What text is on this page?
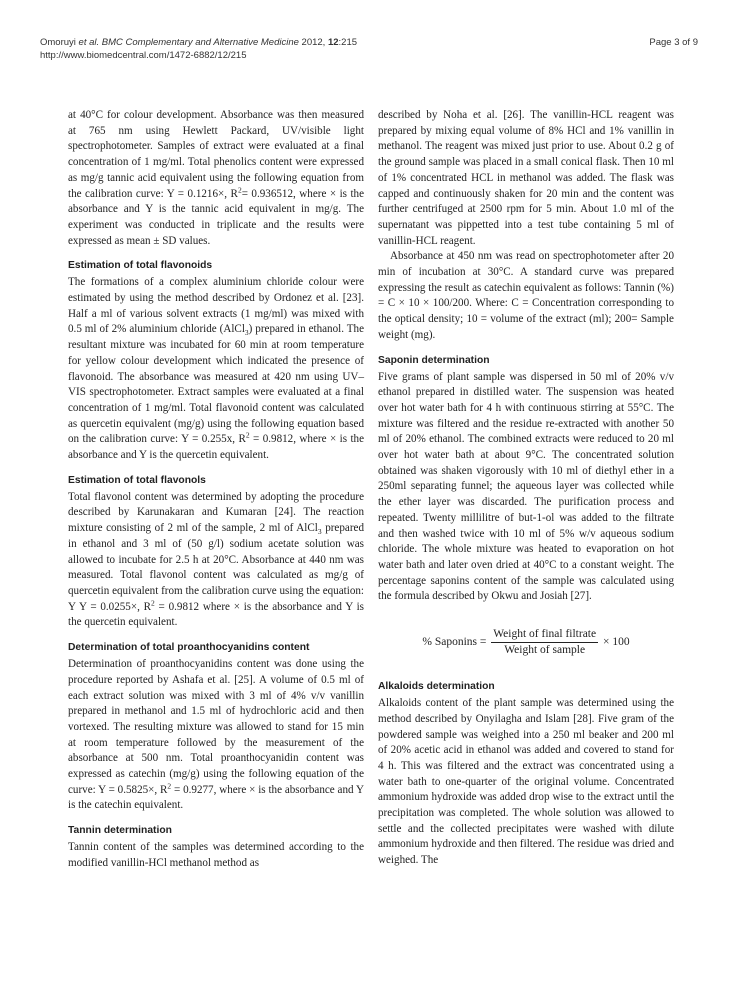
Omoruyi et al. BMC Complementary and Alternative Medicine 2012, 12:215
http://www.biomedcentral.com/1472-6882/12/215
Page 3 of 9

at 40°C for colour development. Absorbance was then measured at 765 nm using Hewlett Packard, UV/visible light spectrophotometer. Samples of extract were evaluated at a final concentration of 1 mg/ml. Total phenolics content were expressed as mg/g tannic acid equivalent using the following equation from the calibration curve: Y = 0.1216×, $R^2= 0.936512$, where × is the absorbance and Y is the tannic acid equivalent in mg/g. The experiment was conducted in triplicate and the results were expressed as mean ± SD values.

Estimation of total flavonoids

The formations of a complex aluminium chloride colour were estimated by using the method described by Ordonez et al. [23]. Half a ml of various solvent extracts (1 mg/ml) was mixed with 0.5 ml of 2% aluminium chloride (AlCl$_3$) prepared in ethanol. The resultant mixture was incubated for 60 min at room temperature for yellow colour development which indicated the presence of flavonoid. The absorbance was measured at 420 nm using UV–VIS spectrophotometer. Extract samples were evaluated at a final concentration of 1 mg/ml. Total flavonoid content was calculated as quercetin equivalent (mg/g) using the following equation based on the calibration curve: Y = 0.255x, $R^2 = 0.9812$, where × is the absorbance and Y is the quercetin equivalent.

Estimation of total flavonols

Total flavonol content was determined by adopting the procedure described by Karunakaran and Kumaran [24]. The reaction mixture consisting of 2 ml of the sample, 2 ml of AlCl$_3$ prepared in ethanol and 3 ml of (50 g/l) sodium acetate solution was allowed to incubate for 2.5 h at 20°C. Absorbance at 440 nm was measured. Total flavonol content was calculated as mg/g of quercetin equivalent from the calibration curve using the equation: Y Y = 0.0255×, $R^2 = 0.9812$ where × is the absorbance and Y is the quercetin equivalent.

Determination of total proanthocyanidins content

Determination of proanthocyanidins content was done using the procedure reported by Ashafa et al. [25]. A volume of 0.5 ml of each extract solution was mixed with 3 ml of 4% v/v vanillin prepared in methanol and 1.5 ml of hydrochloric acid and then vortexed. The resulting mixture was allowed to stand for 15 min at room temperature followed by the measurement of the absorbance at 500 nm. Total proanthocyanidin content was expressed as catechin (mg/g) using the following equation of the curve: Y = 0.5825×, $R^2 = 0.9277$, where × is the absorbance and Y is the catechin equivalent.

Tannin determination

Tannin content of the samples was determined according to the modified vanillin-HCl methanol method as

described by Noha et al. [26]. The vanillin-HCL reagent was prepared by mixing equal volume of 8% HCl and 1% vanillin in methanol. The reagent was mixed just prior to use. About 0.2 g of the ground sample was placed in a small conical flask. Then 10 ml of 1% concentrated HCL in methanol was added. The flask was capped and continuously shaken for 20 min and the content was further centrifuged at 2500 rpm for 5 min. About 1.0 ml of the supernatant was pippetted into a test tube containing 5 ml of vanillin-HCL reagent.

Absorbance at 450 nm was read on spectrophotometer after 20 min of incubation at 30°C. A standard curve was prepared expressing the result as catechin equivalent as follows: Tannin (%) = C × 10 × 100/200. Where: C = Concentration corresponding to the optical density; 10 = volume of the extract (ml); 200= Sample weight (mg).

Saponin determination

Five grams of plant sample was dispersed in 50 ml of 20% v/v ethanol prepared in distilled water. The suspension was heated over hot water bath for 4 h with continuous stirring at 55°C. The mixture was filtered and the residue re-extracted with another 50 ml of 20% ethanol. The combined extracts were reduced to 20 ml over hot water bath at about 9°C. The concentrated solution obtained was shaken vigorously with 10 ml of diethyl ether in a 250ml separating funnel; the aqueous layer was collected while the ether layer was discarded. The purification process and repeated. Twenty millilitre of but-1-ol was added to the filtrate and then washed twice with 10 ml of 5% w/v aqueous sodium chloride. The whole mixture was heated to evaporation on hot water bath and later oven dried at 40°C to a constant weight. The percentage saponins content of the sample was calculated using the formula described by Okwu and Josiah [27].

% Saponins = $\frac{\text{Weight of final filtrate}}{\text{Weight of sample}} \times 100$
Alkaloids determination

Alkaloids content of the plant sample was determined using the method described by Onyilagha and Islam [28]. Five gram of the powdered sample was weighed into a 250 ml beaker and 200 ml of 20% acetic acid in ethanol was added and covered to stand for 4 h. This was filtered and the extract was concentrated using a water bath to one-quarter of the original volume. Concentrated ammonium hydroxide was added drop wise to the extract until the precipitation was completed. The whole solution was allowed to settle and the collected precipitates were washed with dilute ammonium hydroxide and then filtered. The residue was dried and weighed. The
